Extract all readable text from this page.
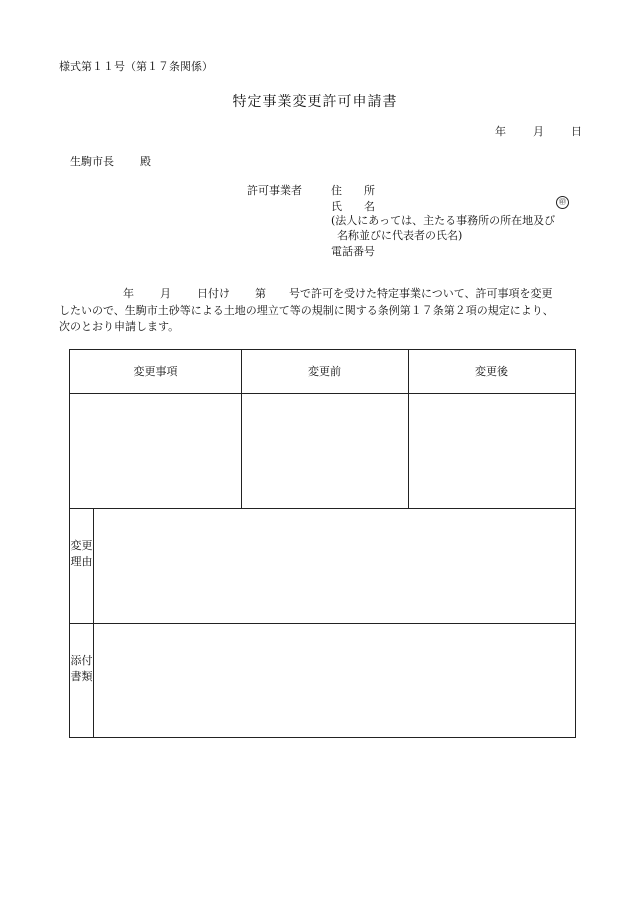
様式第１１号（第１７条関係）
特定事業変更許可申請書
年	月	日
生駒市長 殿
許可事業者	住　　所
氏　　名	㊞
(法人にあっては、主たる事務所の所在地及び
名称並びに代表者の氏名)
電話番号

年 月 日付け 第 号で許可を受けた特定事業について、許可事項を変更

したいので、生駒市土砂等による土地の埋立て等の規制に関する条例第１７条第２項の規定により、

次のとおり申請します。

変更事項	変更前	変更後
変更理由
添付書類
